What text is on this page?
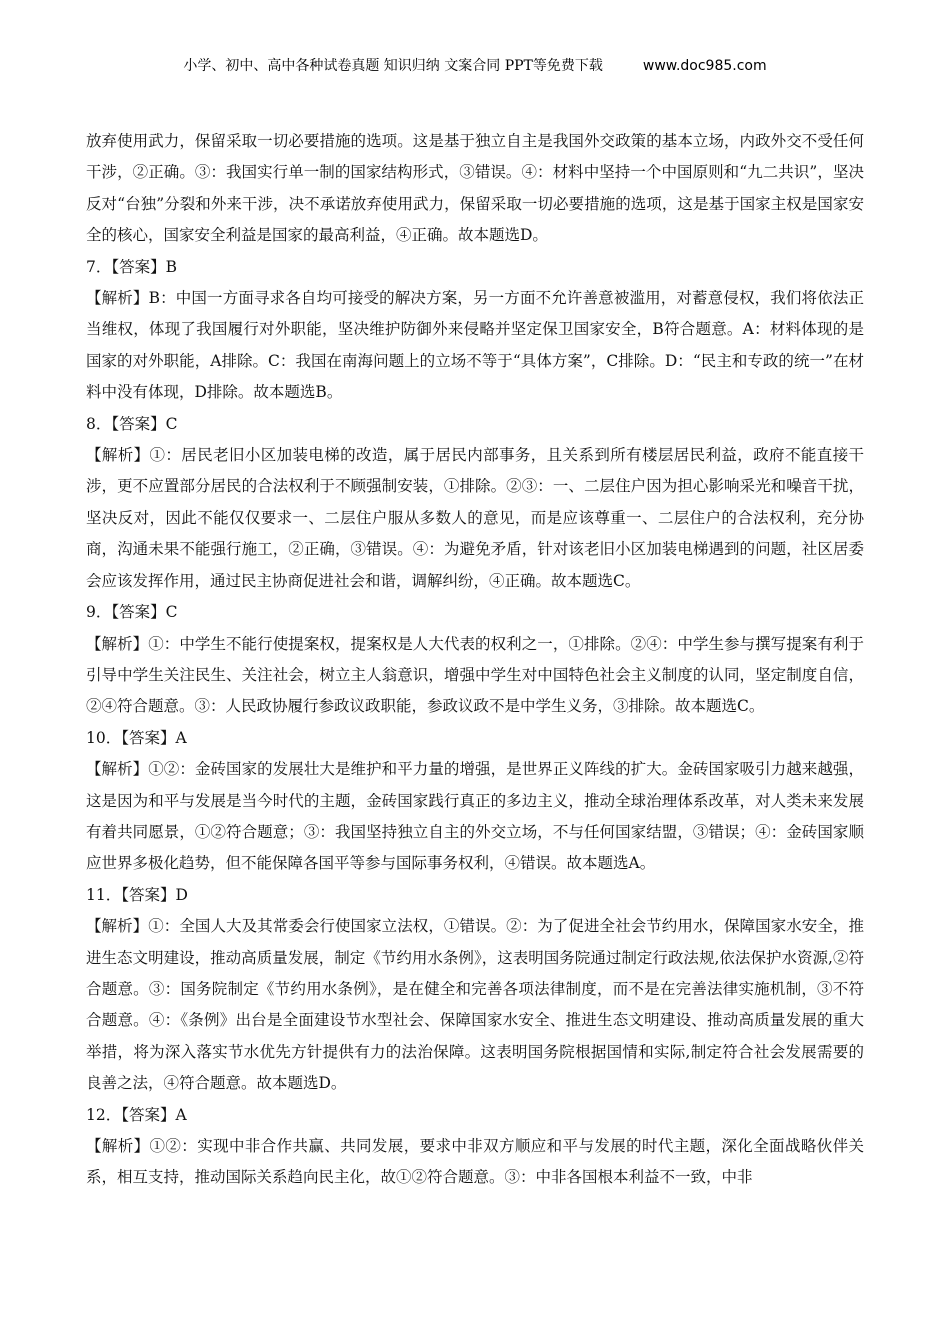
小学、初中、高中各种试卷真题 知识归纳 文案合同 PPT等免费下载	www.doc985.com

放弃使用武力，保留采取一切必要措施的选项。这是基于独立自主是我国外交政策的基本立场，内政外交不受任何干涉，②正确。③：我国实行单一制的国家结构形式，③错误。④：材料中坚持一个中国原则和“九二共识”，坚决反对“台独”分裂和外来干涉，决不承诺放弃使用武力，保留采取一切必要措施的选项，这是基于国家主权是国家安全的核心，国家安全利益是国家的最高利益，④正确。故本题选D。

7．【答案】B

【解析】B：中国一方面寻求各自均可接受的解决方案，另一方面不允许善意被滥用，对蓄意侵权，我们将依法正当维权，体现了我国履行对外职能，坚决维护防御外来侵略并坚定保卫国家安全，B符合题意。A：材料体现的是国家的对外职能，A排除。C：我国在南海问题上的立场不等于“具体方案”，C排除。D：“民主和专政的统一”在材料中没有体现，D排除。故本题选B。

8．【答案】C

【解析】①：居民老旧小区加装电梯的改造，属于居民内部事务，且关系到所有楼层居民利益，政府不能直接干涉，更不应置部分居民的合法权利于不顾强制安装，①排除。②③：一、二层住户因为担心影响采光和噪音干扰，坚决反对，因此不能仅仅要求一、二层住户服从多数人的意见，而是应该尊重一、二层住户的合法权利，充分协商，沟通未果不能强行施工，②正确，③错误。④：为避免矛盾，针对该老旧小区加装电梯遇到的问题，社区居委会应该发挥作用，通过民主协商促进社会和谐，调解纠纷，④正确。故本题选C。

9．【答案】C

【解析】①：中学生不能行使提案权，提案权是人大代表的权利之一，①排除。②④：中学生参与撰写提案有利于引导中学生关注民生、关注社会，树立主人翁意识，增强中学生对中国特色社会主义制度的认同，坚定制度自信，②④符合题意。③：人民政协履行参政议政职能，参政议政不是中学生义务，③排除。故本题选C。

10．【答案】A

【解析】①②：金砖国家的发展壮大是维护和平力量的增强，是世界正义阵线的扩大。金砖国家吸引力越来越强，这是因为和平与发展是当今时代的主题，金砖国家践行真正的多边主义，推动全球治理体系改革，对人类未来发展有着共同愿景，①②符合题意；③：我国坚持独立自主的外交立场，不与任何国家结盟，③错误；④：金砖国家顺应世界多极化趋势，但不能保障各国平等参与国际事务权利，④错误。故本题选A。

11．【答案】D

【解析】①：全国人大及其常委会行使国家立法权，①错误。②：为了促进全社会节约用水，保障国家水安全，推进生态文明建设，推动高质量发展，制定《节约用水条例》，这表明国务院通过制定行政法规,依法保护水资源,②符合题意。③：国务院制定《节约用水条例》，是在健全和完善各项法律制度，而不是在完善法律实施机制，③不符合题意。④：《条例》出台是全面建设节水型社会、保障国家水安全、推进生态文明建设、推动高质量发展的重大举措，将为深入落实节水优先方针提供有力的法治保障。这表明国务院根据国情和实际,制定符合社会发展需要的良善之法，④符合题意。故本题选D。

12．【答案】A

【解析】①②：实现中非合作共赢、共同发展，要求中非双方顺应和平与发展的时代主题，深化全面战略伙伴关系，相互支持，推动国际关系趋向民主化，故①②符合题意。③：中非各国根本利益不一致，中非
